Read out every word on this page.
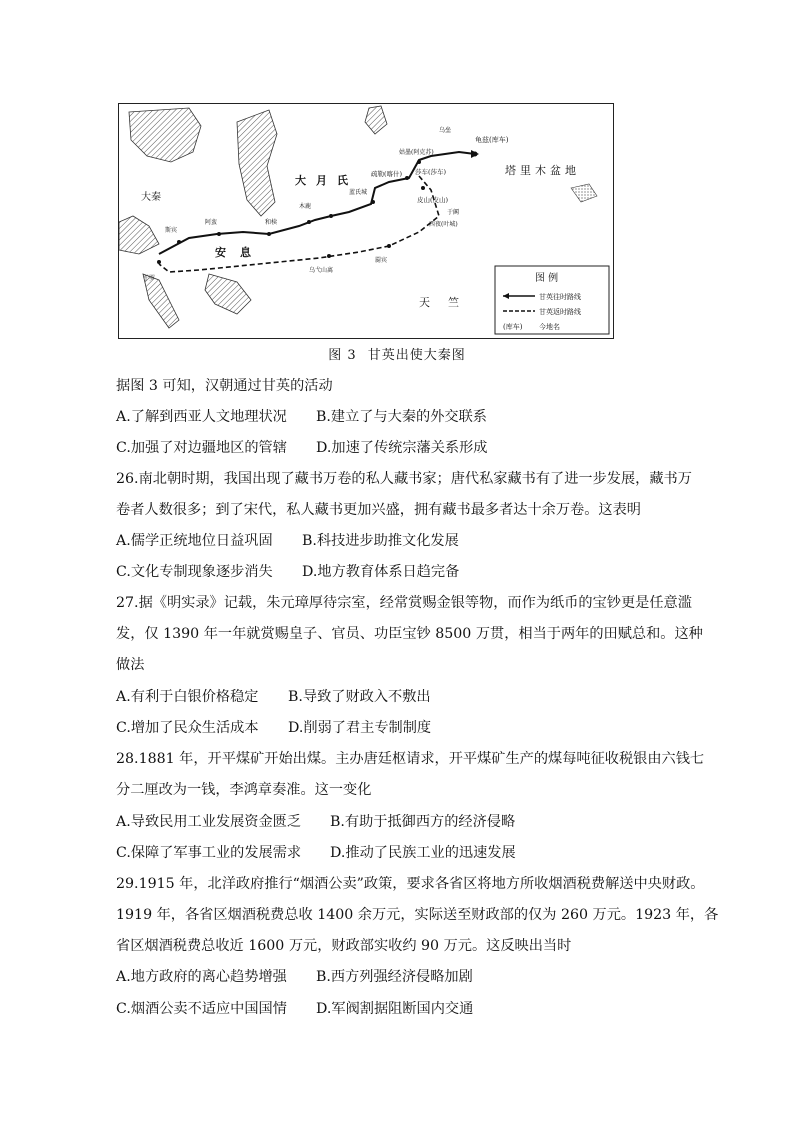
龟兹(库车)
姑墨(阿克苏)
莎车(莎车)
皮山(皮山)
疏勒(喀什)
蓝氏城
木鹿
和椟
阿蛮
斯宾
于罗
乌弋山离
罽宾
西夜(叶城)
于阗
乌垒
大秦
安息
大月氏
塔里木盆地
天竺
图 例
甘英往时路线
甘英返时路线
(库车) 今地名
图 3 甘英出使大秦图
据图 3 可知，汉朝通过甘英的活动
A.了解到西亚人文地理状况 B.建立了与大秦的外交联系
C.加强了对边疆地区的管辖 D.加速了传统宗藩关系形成
26.南北朝时期，我国出现了藏书万卷的私人藏书家；唐代私家藏书有了进一步发展，藏书万
卷者人数很多；到了宋代，私人藏书更加兴盛，拥有藏书最多者达十余万卷。这表明
A.儒学正统地位日益巩固 B.科技进步助推文化发展
C.文化专制现象逐步消失 D.地方教育体系日趋完备
27.据《明实录》记载，朱元璋厚待宗室，经常赏赐金银等物，而作为纸币的宝钞更是任意滥
发，仅 1390 年一年就赏赐皇子、官员、功臣宝钞 8500 万贯，相当于两年的田赋总和。这种
做法
A.有利于白银价格稳定 B.导致了财政入不敷出
C.增加了民众生活成本 D.削弱了君主专制制度
28.1881 年，开平煤矿开始出煤。主办唐廷枢请求，开平煤矿生产的煤每吨征收税银由六钱七
分二厘改为一钱，李鸿章奏准。这一变化
A.导致民用工业发展资金匮乏 B.有助于抵御西方的经济侵略
C.保障了军事工业的发展需求 D.推动了民族工业的迅速发展
29.1915 年，北洋政府推行“烟酒公卖”政策，要求各省区将地方所收烟酒税费解送中央财政。
1919 年，各省区烟酒税费总收 1400 余万元，实际送至财政部的仅为 260 万元。1923 年，各
省区烟酒税费总收近 1600 万元，财政部实收约 90 万元。这反映出当时
A.地方政府的离心趋势增强 B.西方列强经济侵略加剧
C.烟酒公卖不适应中国国情 D.军阀割据阻断国内交通
